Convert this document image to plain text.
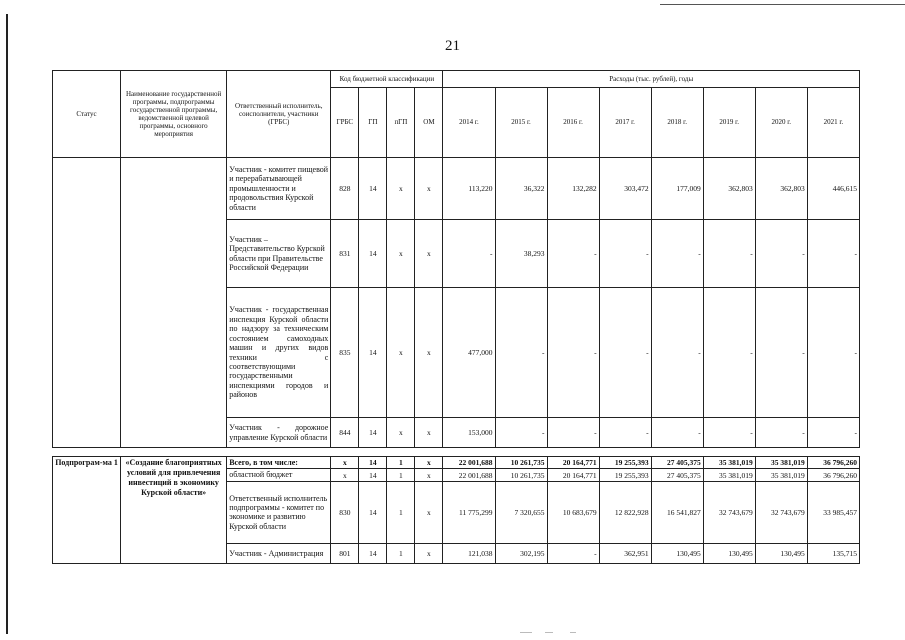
21
Статус	Наименование государственной программы, подпрограммы государственной программы, ведомственной целевой программы, основного мероприятия	Ответственный исполнитель, соисполнители, участники (ГРБС)	Код бюджетной классификации				Расходы (тыс. рублей), годы							
			ГРБС	ГП	пГП	ОМ	2014 г.	2015 г.	2016 г.	2017 г.	2018 г.	2019 г.	2020 г.	2021 г.
		Участник - комитет пищевой и перерабатывающей промышленности и продовольствия Курской области	828	14	х	х	113,220	36,322	132,282	303,472	177,009	362,803	362,803	446,615
		Участник – Представительство Курской области при Правительстве Российской Федерации	831	14	х	х	-	38,293	-	-	-	-	-	-
		Участник - государственная инспекция Курской области по надзору за техническим состоянием самоходных машин и других видов техники с соответствующими государственными инспекциями городов и районов	835	14	х	х	477,000	-	-	-	-	-	-	-
		Участник - дорожное управление Курской области	844	14	х	х	153,000	-	-	-	-	-	-	-

Подпрограм-ма 1	«Создание благоприятных условий для привлечения инвестиций в экономику Курской области»	Всего, в том числе:	х	14	1	х	22 001,688	10 261,735	20 164,771	19 255,393	27 405,375	35 381,019	35 381,019	36 796,260
		областной бюджет	х	14	1	х	22 001,688	10 261,735	20 164,771	19 255,393	27 405,375	35 381,019	35 381,019	36 796,260
		Ответственный исполнитель подпрограммы - комитет по экономике и развитию Курской области	830	14	1	х	11 775,299	7 320,655	10 683,679	12 822,928	16 541,827	32 743,679	32 743,679	33 985,457
		Участник - Администрация	801	14	1	х	121,038	302,195	-	362,951	130,495	130,495	130,495	135,715
